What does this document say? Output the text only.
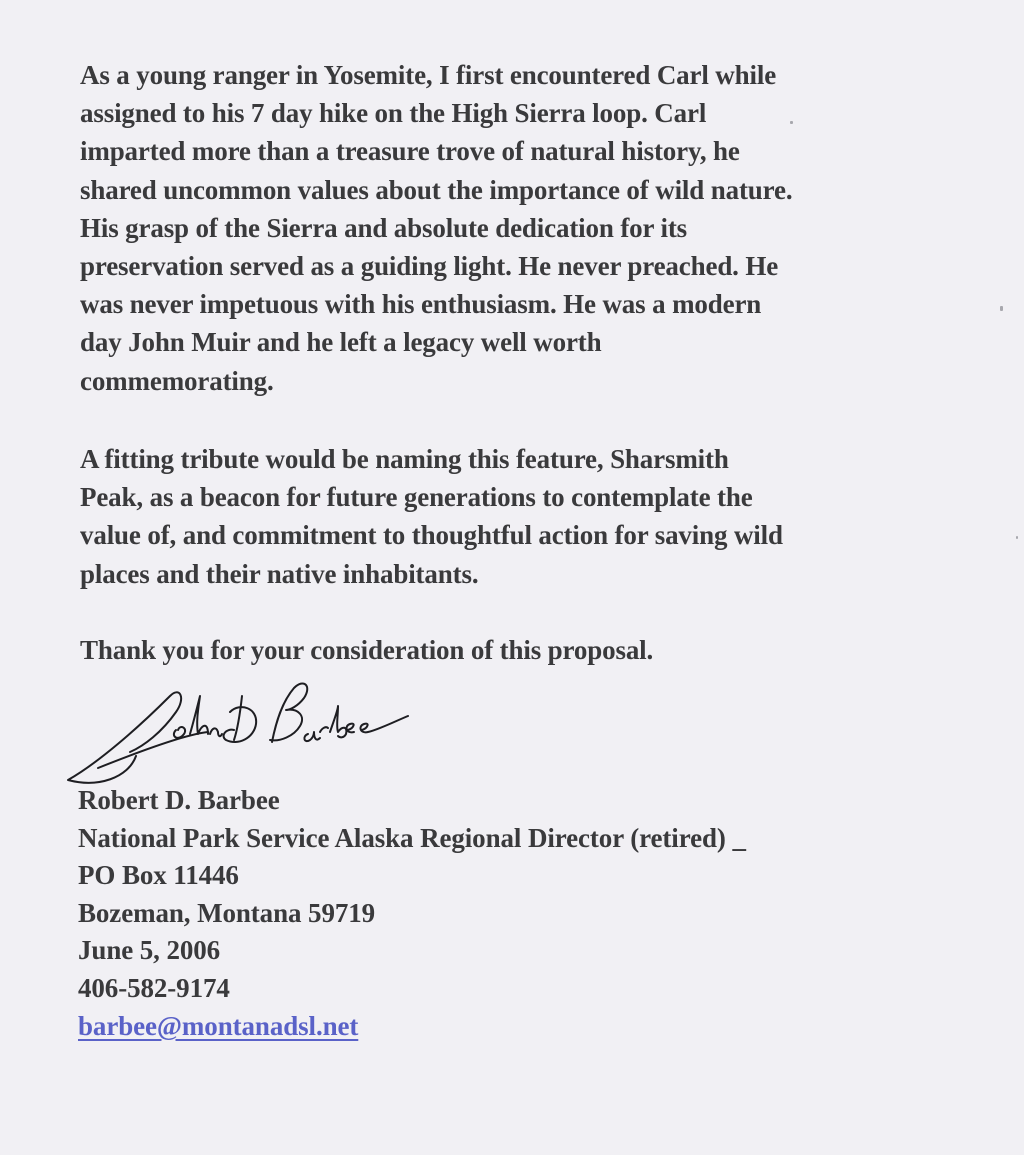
As a young ranger in Yosemite, I first encountered Carl while
assigned to his 7 day hike on the High Sierra loop. Carl
imparted more than a treasure trove of natural history, he
shared uncommon values about the importance of wild nature.
His grasp of the Sierra and absolute dedication for its
preservation served as a guiding light. He never preached. He
was never impetuous with his enthusiasm. He was a modern
day John Muir and he left a legacy well worth
commemorating.

A fitting tribute would be naming this feature, Sharsmith
Peak, as a beacon for future generations to contemplate the
value of, and commitment to thoughtful action for saving wild
places and their native inhabitants.

Thank you for your consideration of this proposal.

Robert D. Barbee
National Park Service Alaska Regional Director (retired) _
PO Box 11446
Bozeman, Montana 59719
June 5, 2006
406-582-9174
barbee@montanadsl.net
